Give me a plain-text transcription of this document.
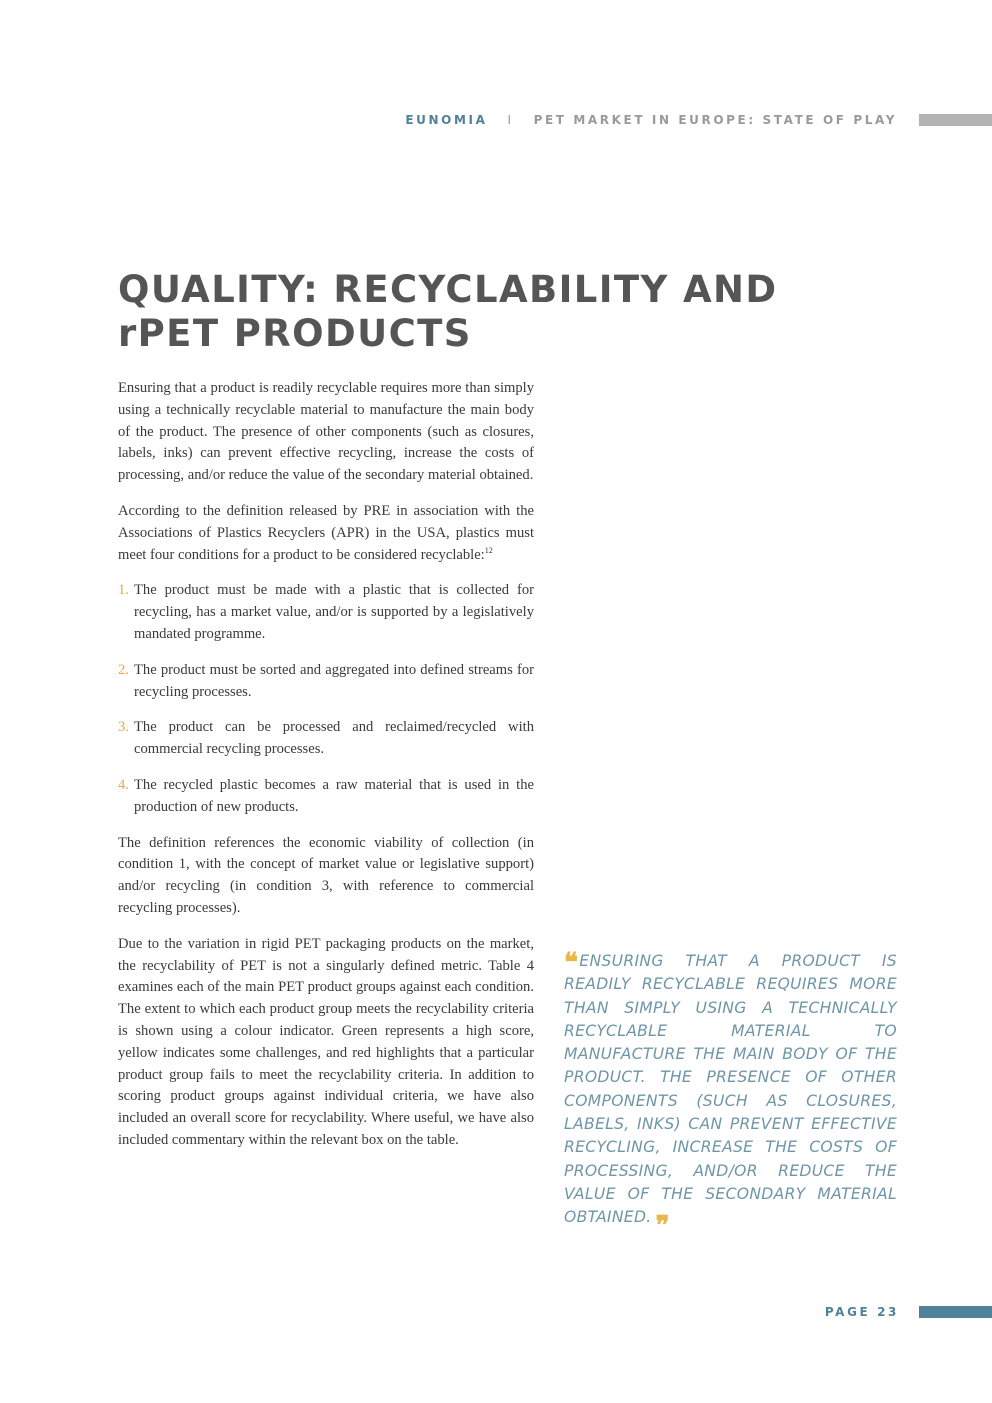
EUNOMIA I PET MARKET IN EUROPE: STATE OF PLAY
QUALITY: RECYCLABILITY AND rPET PRODUCTS

Ensuring that a product is readily recyclable requires more than simply using a technically recyclable material to manufacture the main body of the product. The presence of other components (such as closures, labels, inks) can prevent effective recycling, increase the costs of processing, and/or reduce the value of the secondary material obtained.

According to the definition released by PRE in association with the Associations of Plastics Recyclers (APR) in the USA, plastics must meet four conditions for a product to be considered recyclable:$^{12}$

1. The product must be made with a plastic that is collected for recycling, has a market value, and/or is supported by a legislatively mandated programme.
2. The product must be sorted and aggregated into defined streams for recycling processes.
3. The product can be processed and reclaimed/recycled with commercial recycling processes.
4. The recycled plastic becomes a raw material that is used in the production of new products.

The definition references the economic viability of collection (in condition 1, with the concept of market value or legislative support) and/or recycling (in condition 3, with reference to commercial recycling processes).

Due to the variation in rigid PET packaging products on the market, the recyclability of PET is not a singularly defined metric. Table 4 examines each of the main PET product groups against each condition. The extent to which each product group meets the recyclability criteria is shown using a colour indicator. Green represents a high score, yellow indicates some challenges, and red highlights that a particular product group fails to meet the recyclability criteria. In addition to scoring product groups against individual criteria, we have also included an overall score for recyclability. Where useful, we have also included commentary within the relevant box on the table.

❝ENSURING THAT A PRODUCT IS READILY RECYCLABLE REQUIRES MORE THAN SIMPLY USING A TECHNICALLY RECYCLABLE MATERIAL TO MANUFACTURE THE MAIN BODY OF THE PRODUCT. THE PRESENCE OF OTHER COMPONENTS (SUCH AS CLOSURES, LABELS, INKS) CAN PREVENT EFFECTIVE RECYCLING, INCREASE THE COSTS OF PROCESSING, AND/OR REDUCE THE VALUE OF THE SECONDARY MATERIAL OBTAINED. ❞
PAGE 23
